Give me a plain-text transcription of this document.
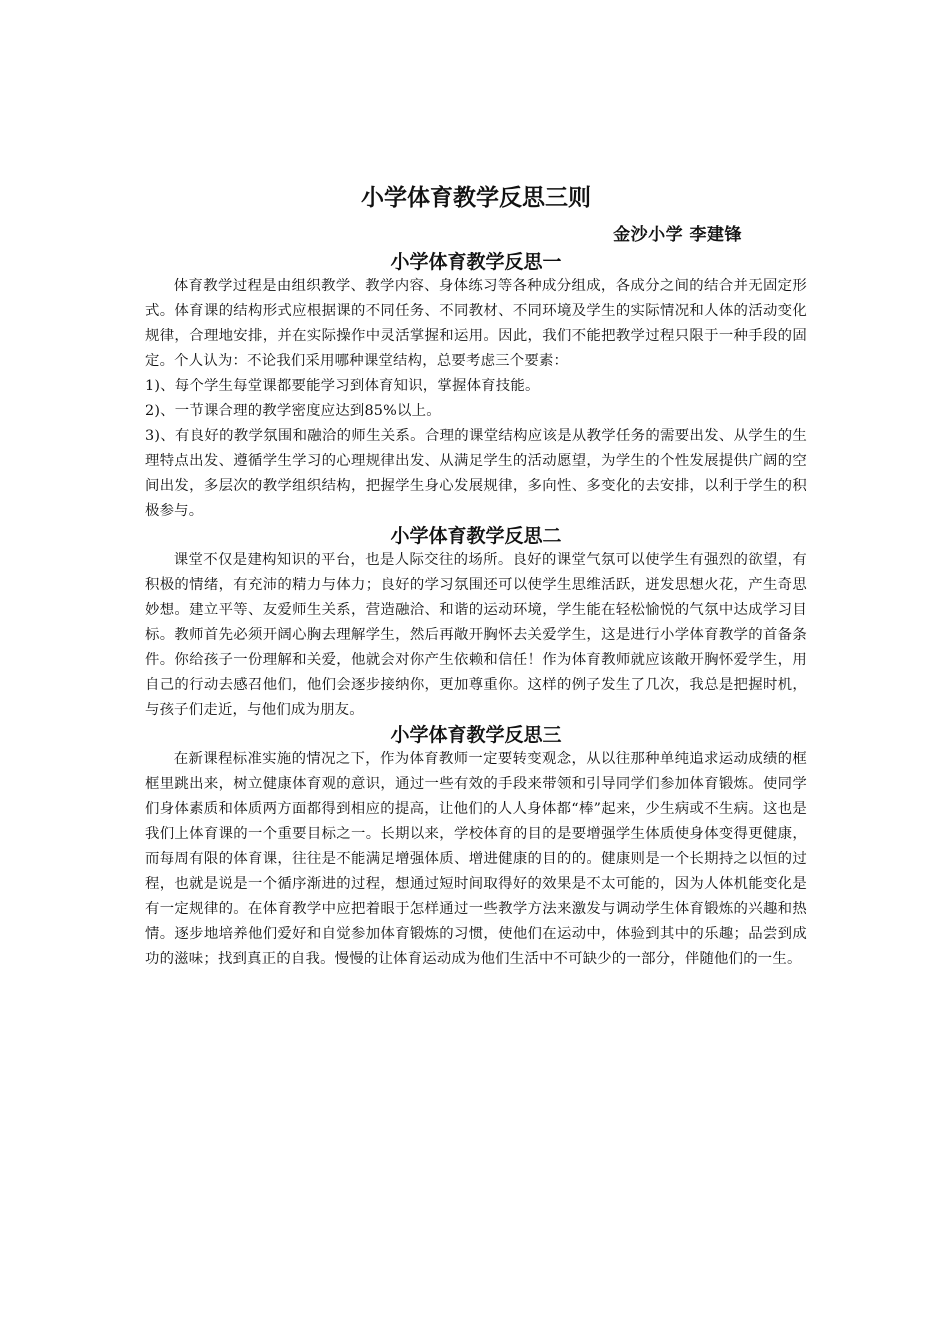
小学体育教学反思三则
金沙小学 李建锋
小学体育教学反思一

体育教学过程是由组织教学、教学内容、身体练习等各种成分组成，各成分之间的结合并无固定形式。体育课的结构形式应根据课的不同任务、不同教材、不同环境及学生的实际情况和人体的活动变化规律，合理地安排，并在实际操作中灵活掌握和运用。因此，我们不能把教学过程只限于一种手段的固定。个人认为：不论我们采用哪种课堂结构，总要考虑三个要素：

1)、每个学生每堂课都要能学习到体育知识，掌握体育技能。

2)、一节课合理的教学密度应达到85%以上。

3)、有良好的教学氛围和融洽的师生关系。合理的课堂结构应该是从教学任务的需要出发、从学生的生理特点出发、遵循学生学习的心理规律出发、从满足学生的活动愿望，为学生的个性发展提供广阔的空间出发，多层次的教学组织结构，把握学生身心发展规律，多向性、多变化的去安排，以利于学生的积极参与。

小学体育教学反思二

课堂不仅是建构知识的平台，也是人际交往的场所。良好的课堂气氛可以使学生有强烈的欲望，有积极的情绪，有充沛的精力与体力；良好的学习氛围还可以使学生思维活跃，迸发思想火花，产生奇思妙想。建立平等、友爱师生关系，营造融洽、和谐的运动环境，学生能在轻松愉悦的气氛中达成学习目标。教师首先必须开阔心胸去理解学生，然后再敞开胸怀去关爱学生，这是进行小学体育教学的首备条件。你给孩子一份理解和关爱，他就会对你产生依赖和信任！作为体育教师就应该敞开胸怀爱学生，用自己的行动去感召他们，他们会逐步接纳你，更加尊重你。这样的例子发生了几次，我总是把握时机，与孩子们走近，与他们成为朋友。

小学体育教学反思三

在新课程标准实施的情况之下，作为体育教师一定要转变观念，从以往那种单纯追求运动成绩的框框里跳出来，树立健康体育观的意识，通过一些有效的手段来带领和引导同学们参加体育锻炼。使同学们身体素质和体质两方面都得到相应的提高，让他们的人人身体都“棒”起来，少生病或不生病。这也是我们上体育课的一个重要目标之一。长期以来，学校体育的目的是要增强学生体质使身体变得更健康，而每周有限的体育课，往往是不能满足增强体质、增进健康的目的的。健康则是一个长期持之以恒的过程，也就是说是一个循序渐进的过程，想通过短时间取得好的效果是不太可能的，因为人体机能变化是有一定规律的。在体育教学中应把着眼于怎样通过一些教学方法来激发与调动学生体育锻炼的兴趣和热情。逐步地培养他们爱好和自觉参加体育锻炼的习惯，使他们在运动中，体验到其中的乐趣；品尝到成功的滋味；找到真正的自我。慢慢的让体育运动成为他们生活中不可缺少的一部分，伴随他们的一生。
